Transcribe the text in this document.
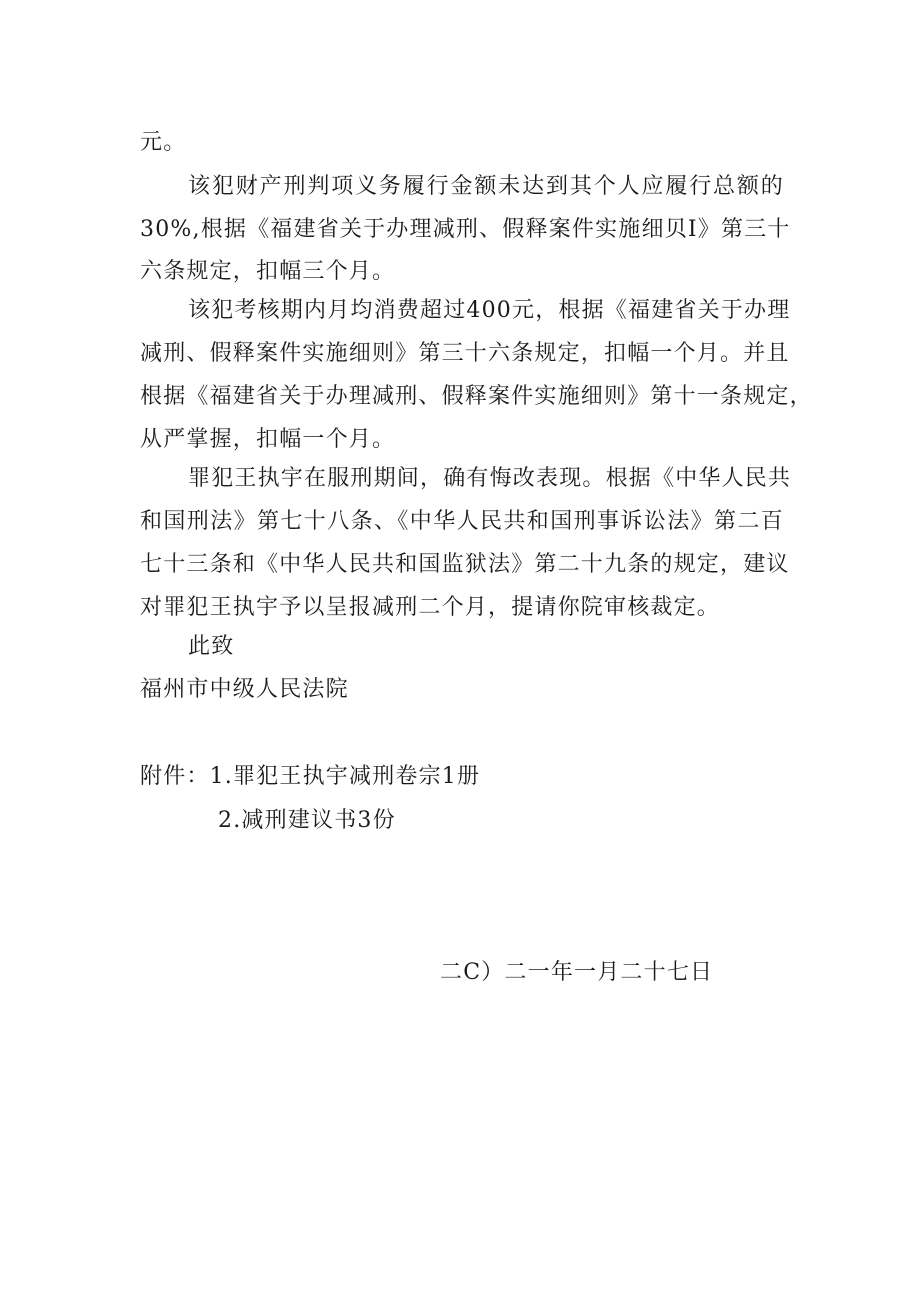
元。
该犯财产刑判项义务履行金额未达到其个人应履行总额的
30%,根据《福建省关于办理减刑、假释案件实施细贝I》第三十
六条规定，扣幅三个月。
该犯考核期内月均消费超过400元，根据《福建省关于办理
减刑、假释案件实施细则》第三十六条规定，扣幅一个月。并且
根据《福建省关于办理减刑、假释案件实施细则》第十一条规定，
从严掌握，扣幅一个月。
罪犯王执宇在服刑期间，确有悔改表现。根据《中华人民共
和国刑法》第七十八条、《中华人民共和国刑事诉讼法》第二百
七十三条和《中华人民共和国监狱法》第二十九条的规定，建议
对罪犯王执宇予以呈报减刑二个月，提请你院审核裁定。
此致
福州市中级人民法院
附件：1.罪犯王执宇减刑卷宗1册
2.减刑建议书3份
二C）二一年一月二十七日
